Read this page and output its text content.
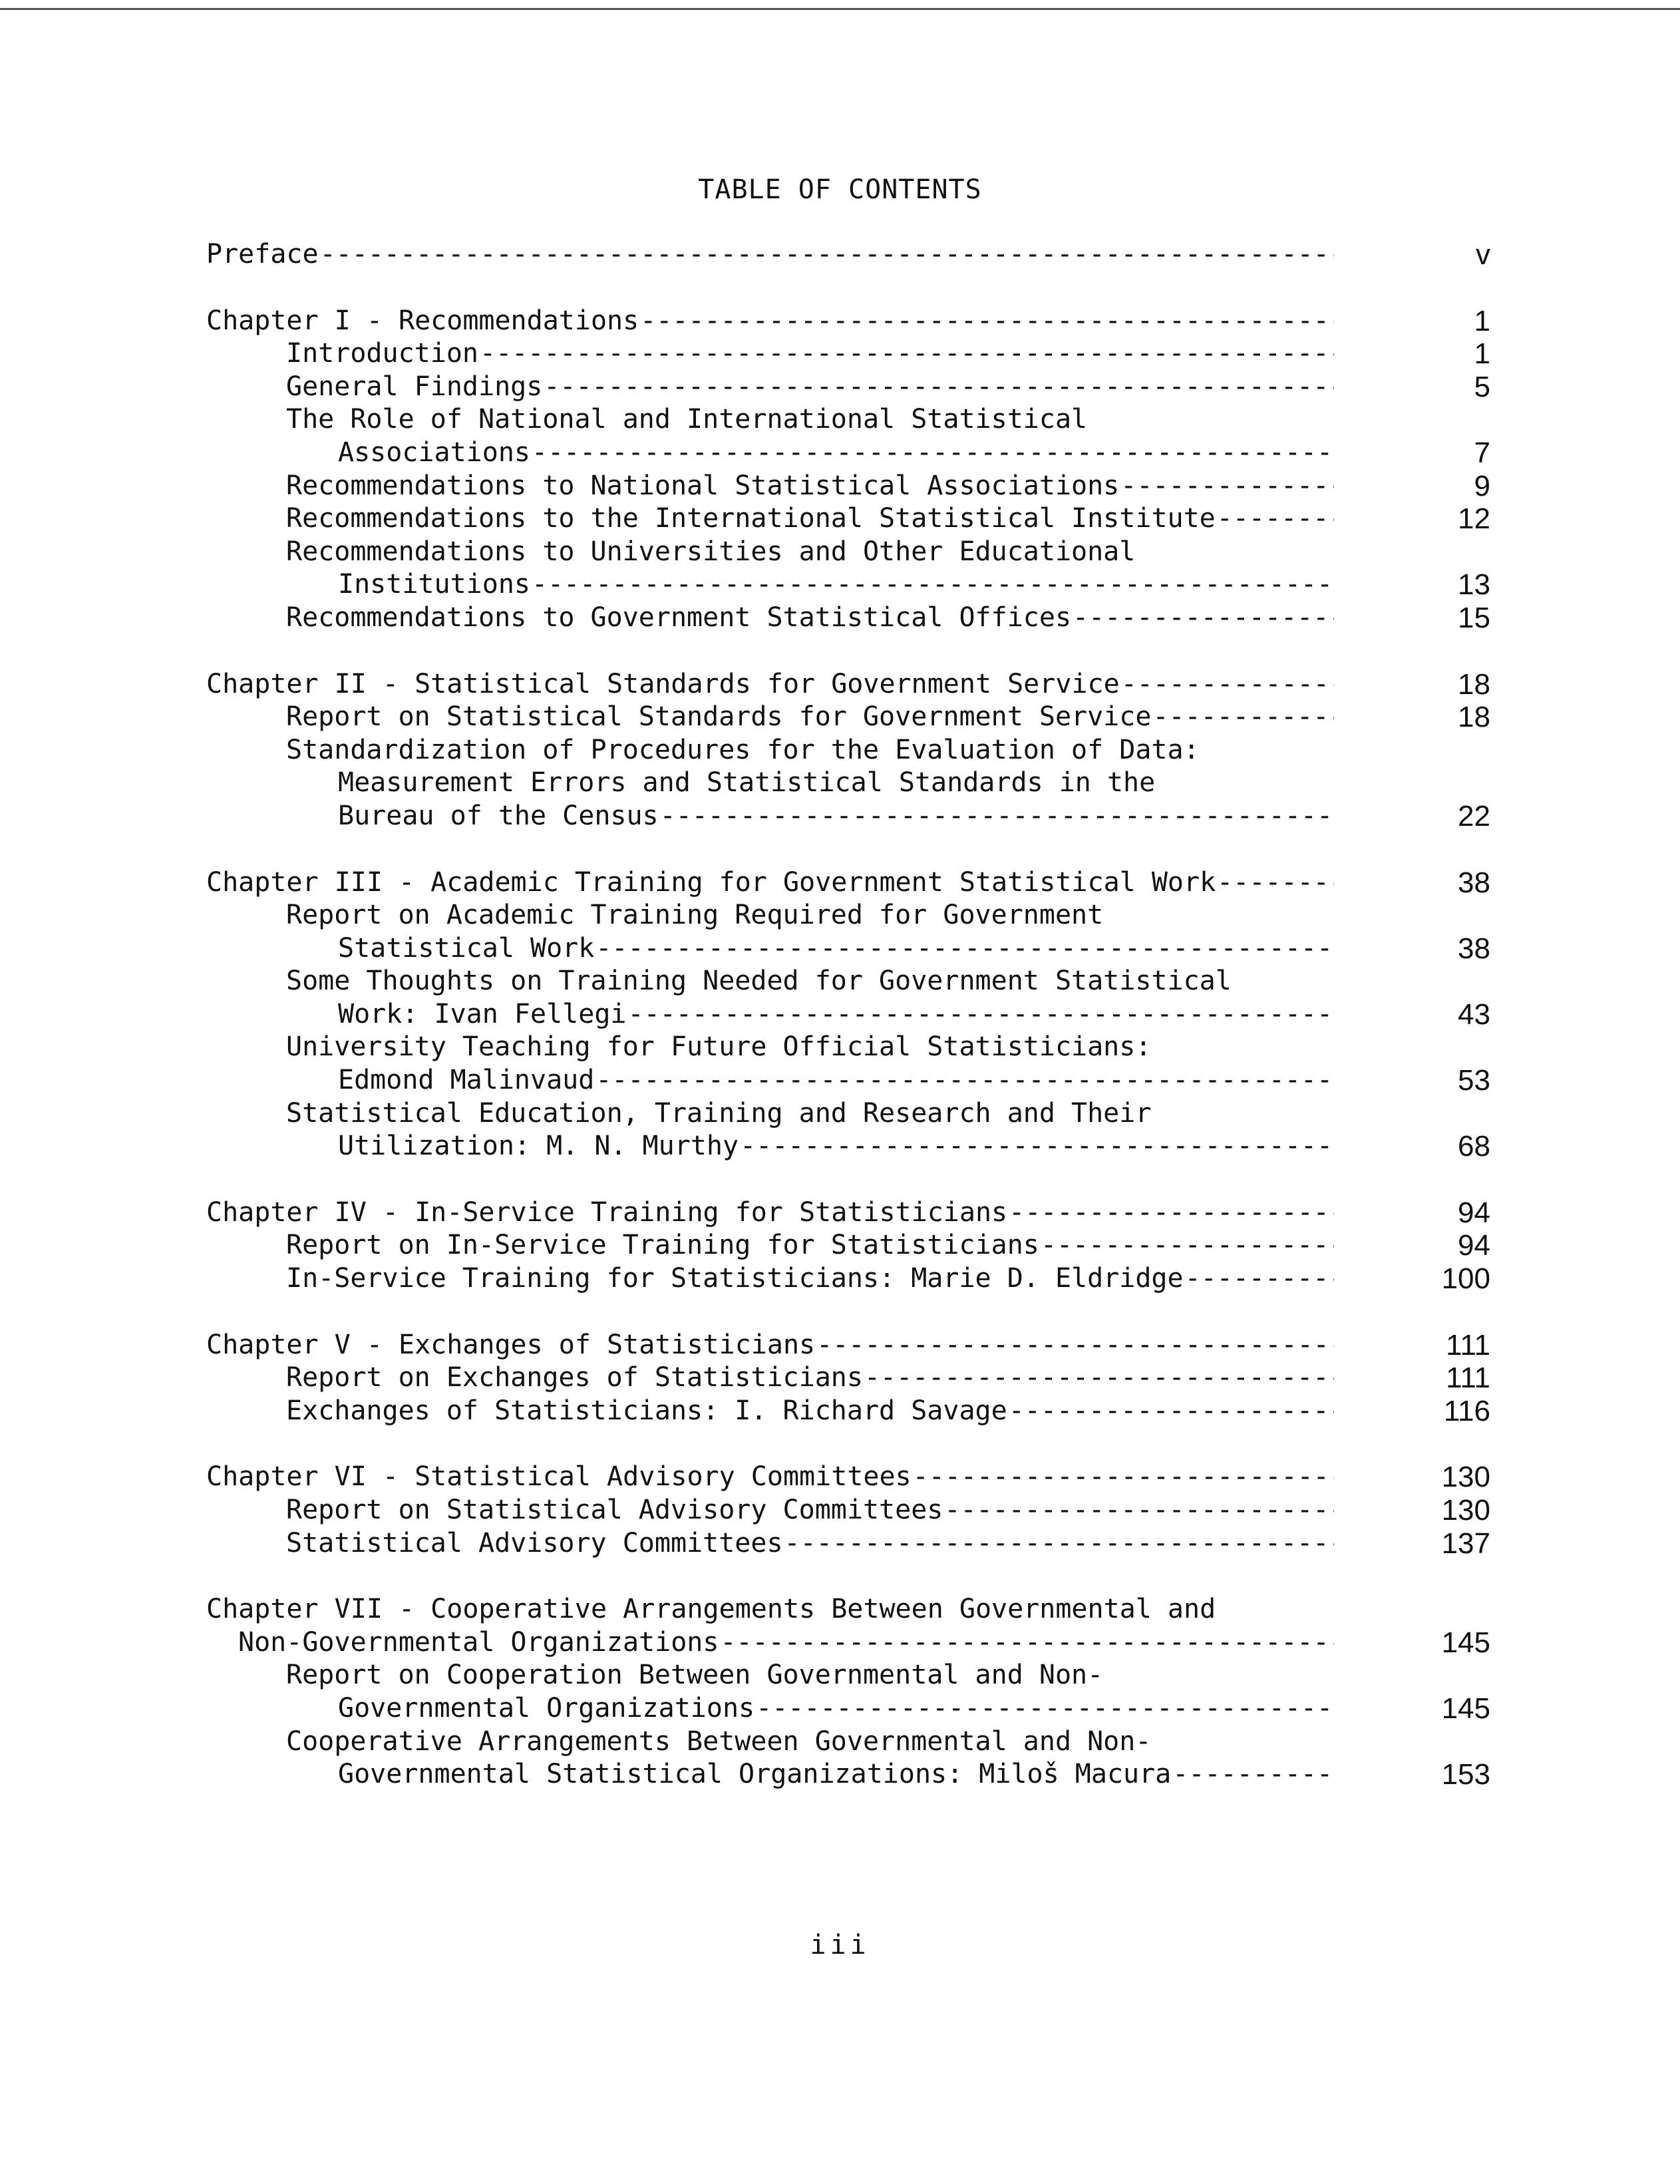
TABLE OF CONTENTS
Preface -----	v
Chapter I - Recommendations -----	1
Introduction -----	1
General Findings -----	5
The Role of National and International Statistical
Associations -----	7
Recommendations to National Statistical Associations -----	9
Recommendations to the International Statistical Institute -----	12
Recommendations to Universities and Other Educational
Institutions -----	13
Recommendations to Government Statistical Offices -----	15
Chapter II - Statistical Standards for Government Service -----	18
Report on Statistical Standards for Government Service -----	18
Standardization of Procedures for the Evaluation of Data:
Measurement Errors and Statistical Standards in the
Bureau of the Census -----	22
Chapter III - Academic Training for Government Statistical Work -----	38
Report on Academic Training Required for Government
Statistical Work -----	38
Some Thoughts on Training Needed for Government Statistical
Work: Ivan Fellegi -----	43
University Teaching for Future Official Statisticians:
Edmond Malinvaud -----	53
Statistical Education, Training and Research and Their
Utilization: M. N. Murthy -----	68
Chapter IV - In-Service Training for Statisticians -----	94
Report on In-Service Training for Statisticians -----	94
In-Service Training for Statisticians: Marie D. Eldridge -----	100
Chapter V - Exchanges of Statisticians -----	111
Report on Exchanges of Statisticians -----	111
Exchanges of Statisticians: I. Richard Savage -----	116
Chapter VI - Statistical Advisory Committees -----	130
Report on Statistical Advisory Committees -----	130
Statistical Advisory Committees -----	137
Chapter VII - Cooperative Arrangements Between Governmental and
Non-Governmental Organizations -----	145
Report on Cooperation Between Governmental and Non-
Governmental Organizations -----	145
Cooperative Arrangements Between Governmental and Non-
Governmental Statistical Organizations: Miloš Macura -----	153
iii
